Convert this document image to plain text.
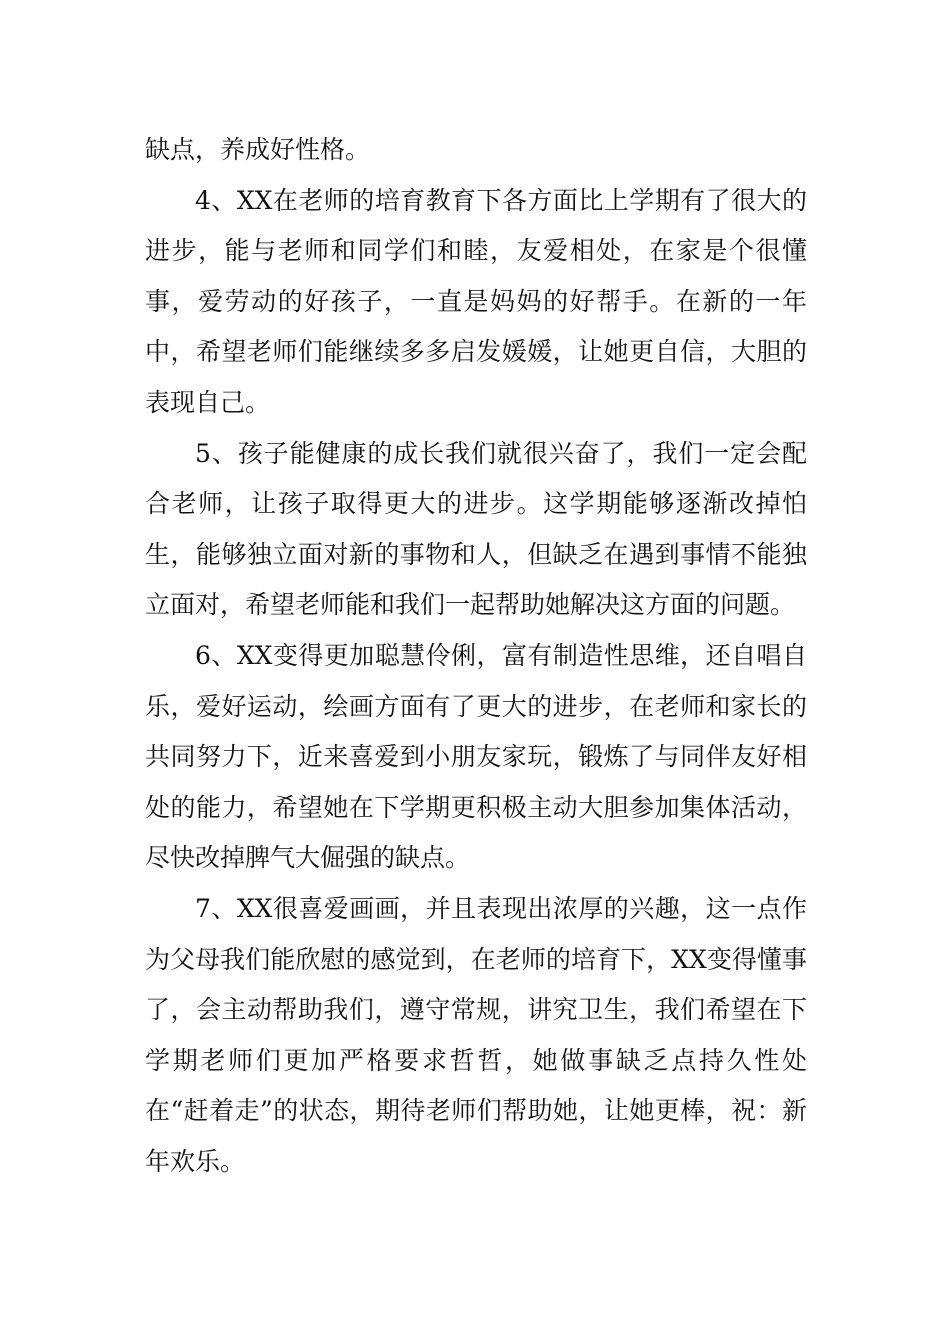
缺点，养成好性格。

4、XX在老师的培育教育下各方面比上学期有了很大的进步，能与老师和同学们和睦，友爱相处，在家是个很懂事，爱劳动的好孩子，一直是妈妈的好帮手。在新的一年中，希望老师们能继续多多启发媛媛，让她更自信，大胆的表现自己。

5、孩子能健康的成长我们就很兴奋了，我们一定会配合老师，让孩子取得更大的进步。这学期能够逐渐改掉怕生，能够独立面对新的事物和人，但缺乏在遇到事情不能独立面对，希望老师能和我们一起帮助她解决这方面的问题。

6、XX变得更加聪慧伶俐，富有制造性思维，还自唱自乐，爱好运动，绘画方面有了更大的进步，在老师和家长的共同努力下，近来喜爱到小朋友家玩，锻炼了与同伴友好相处的能力，希望她在下学期更积极主动大胆参加集体活动，尽快改掉脾气大倔强的缺点。

7、XX很喜爱画画，并且表现出浓厚的兴趣，这一点作为父母我们能欣慰的感觉到，在老师的培育下，XX变得懂事了，会主动帮助我们，遵守常规，讲究卫生，我们希望在下学期老师们更加严格要求哲哲，她做事缺乏点持久性处在“赶着走”的状态，期待老师们帮助她，让她更棒，祝：新年欢乐。
